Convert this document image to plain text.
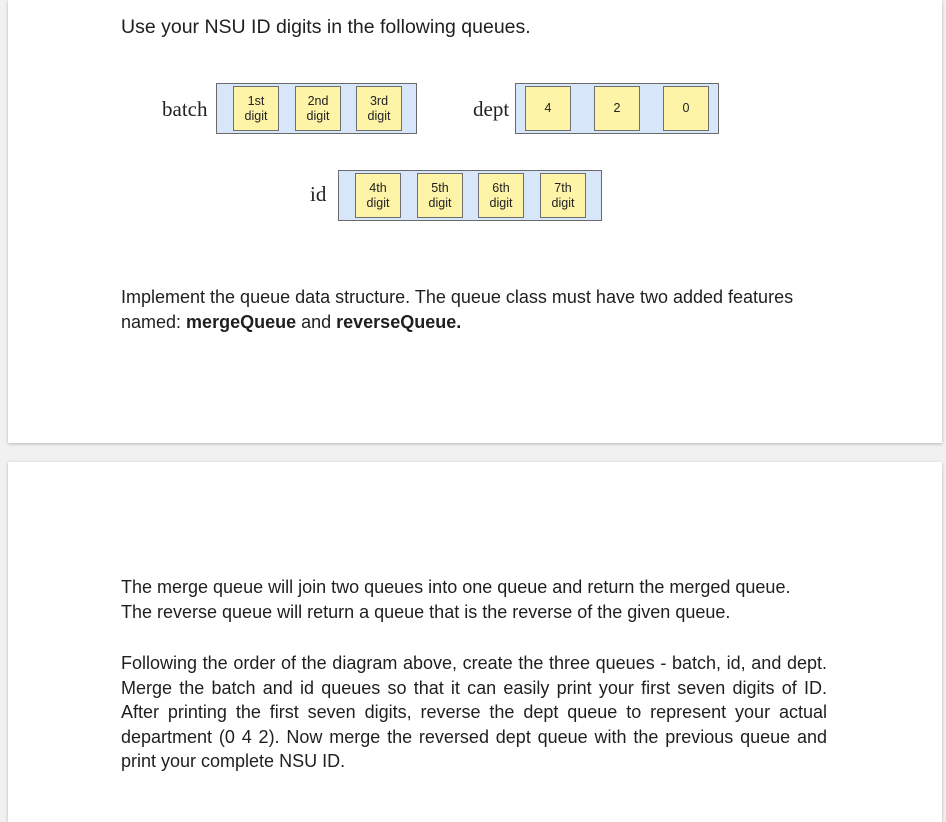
Use your NSU ID digits in the following queues.

batch	1st
digit
2nd
digit
3rd
digit	dept	4	2	0
id	4th
digit
5th
digit
6th
digit
7th
digit

Implement the queue data structure. The queue class must have two added features named: mergeQueue and reverseQueue.

The merge queue will join two queues into one queue and return the merged queue.
The reverse queue will return a queue that is the reverse of the given queue.

Following the order of the diagram above, create the three queues - batch, id, and dept. Merge the batch and id queues so that it can easily print your first seven digits of ID. After printing the first seven digits, reverse the dept queue to represent your actual department (0 4 2). Now merge the reversed dept queue with the previous queue and print your complete NSU ID.
